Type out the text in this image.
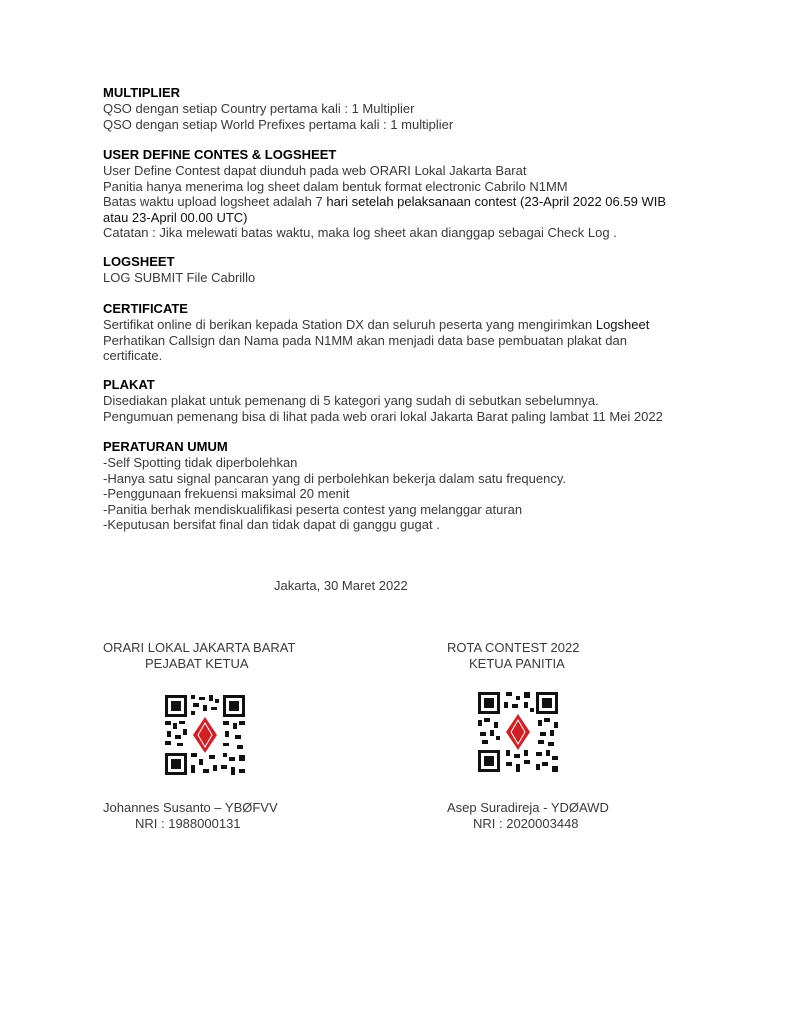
MULTIPLIER

QSO dengan setiap Country pertama kali : 1 Multiplier

QSO dengan setiap World Prefixes pertama kali : 1 multiplier

USER DEFINE CONTES & LOGSHEET

User Define Contest dapat diunduh pada web ORARI Lokal Jakarta Barat

Panitia hanya menerima log sheet dalam bentuk format electronic Cabrilo N1MM

Batas waktu upload logsheet adalah 7 hari setelah pelaksanaan contest (23-April 2022 06.59 WIB

atau 23-April 00.00 UTC)

Catatan : Jika melewati batas waktu, maka log sheet akan dianggap sebagai Check Log .

LOGSHEET

LOG SUBMIT File Cabrillo

CERTIFICATE

Sertifikat online di berikan kepada Station DX dan seluruh peserta yang mengirimkan Logsheet

Perhatikan Callsign dan Nama pada N1MM akan menjadi data base pembuatan plakat dan

certificate.

PLAKAT

Disediakan plakat untuk pemenang di 5 kategori yang sudah di sebutkan sebelumnya.

Pengumuan pemenang bisa di lihat pada web orari lokal Jakarta Barat paling lambat 11 Mei 2022

PERATURAN UMUM

-Self Spotting tidak diperbolehkan

-Hanya satu signal pancaran yang di perbolehkan bekerja dalam satu frequency.

-Penggunaan frekuensi maksimal 20 menit

-Panitia berhak mendiskualifikasi peserta contest yang melanggar aturan

-Keputusan bersifat final dan tidak dapat di ganggu gugat .

Jakarta, 30 Maret 2022

ORARI LOKAL JAKARTA BARAT

PEJABAT KETUA

Johannes Susanto – YBØFVV

NRI : 1988000131

ROTA CONTEST 2022

KETUA PANITIA

Asep Suradireja - YDØAWD

NRI : 2020003448
